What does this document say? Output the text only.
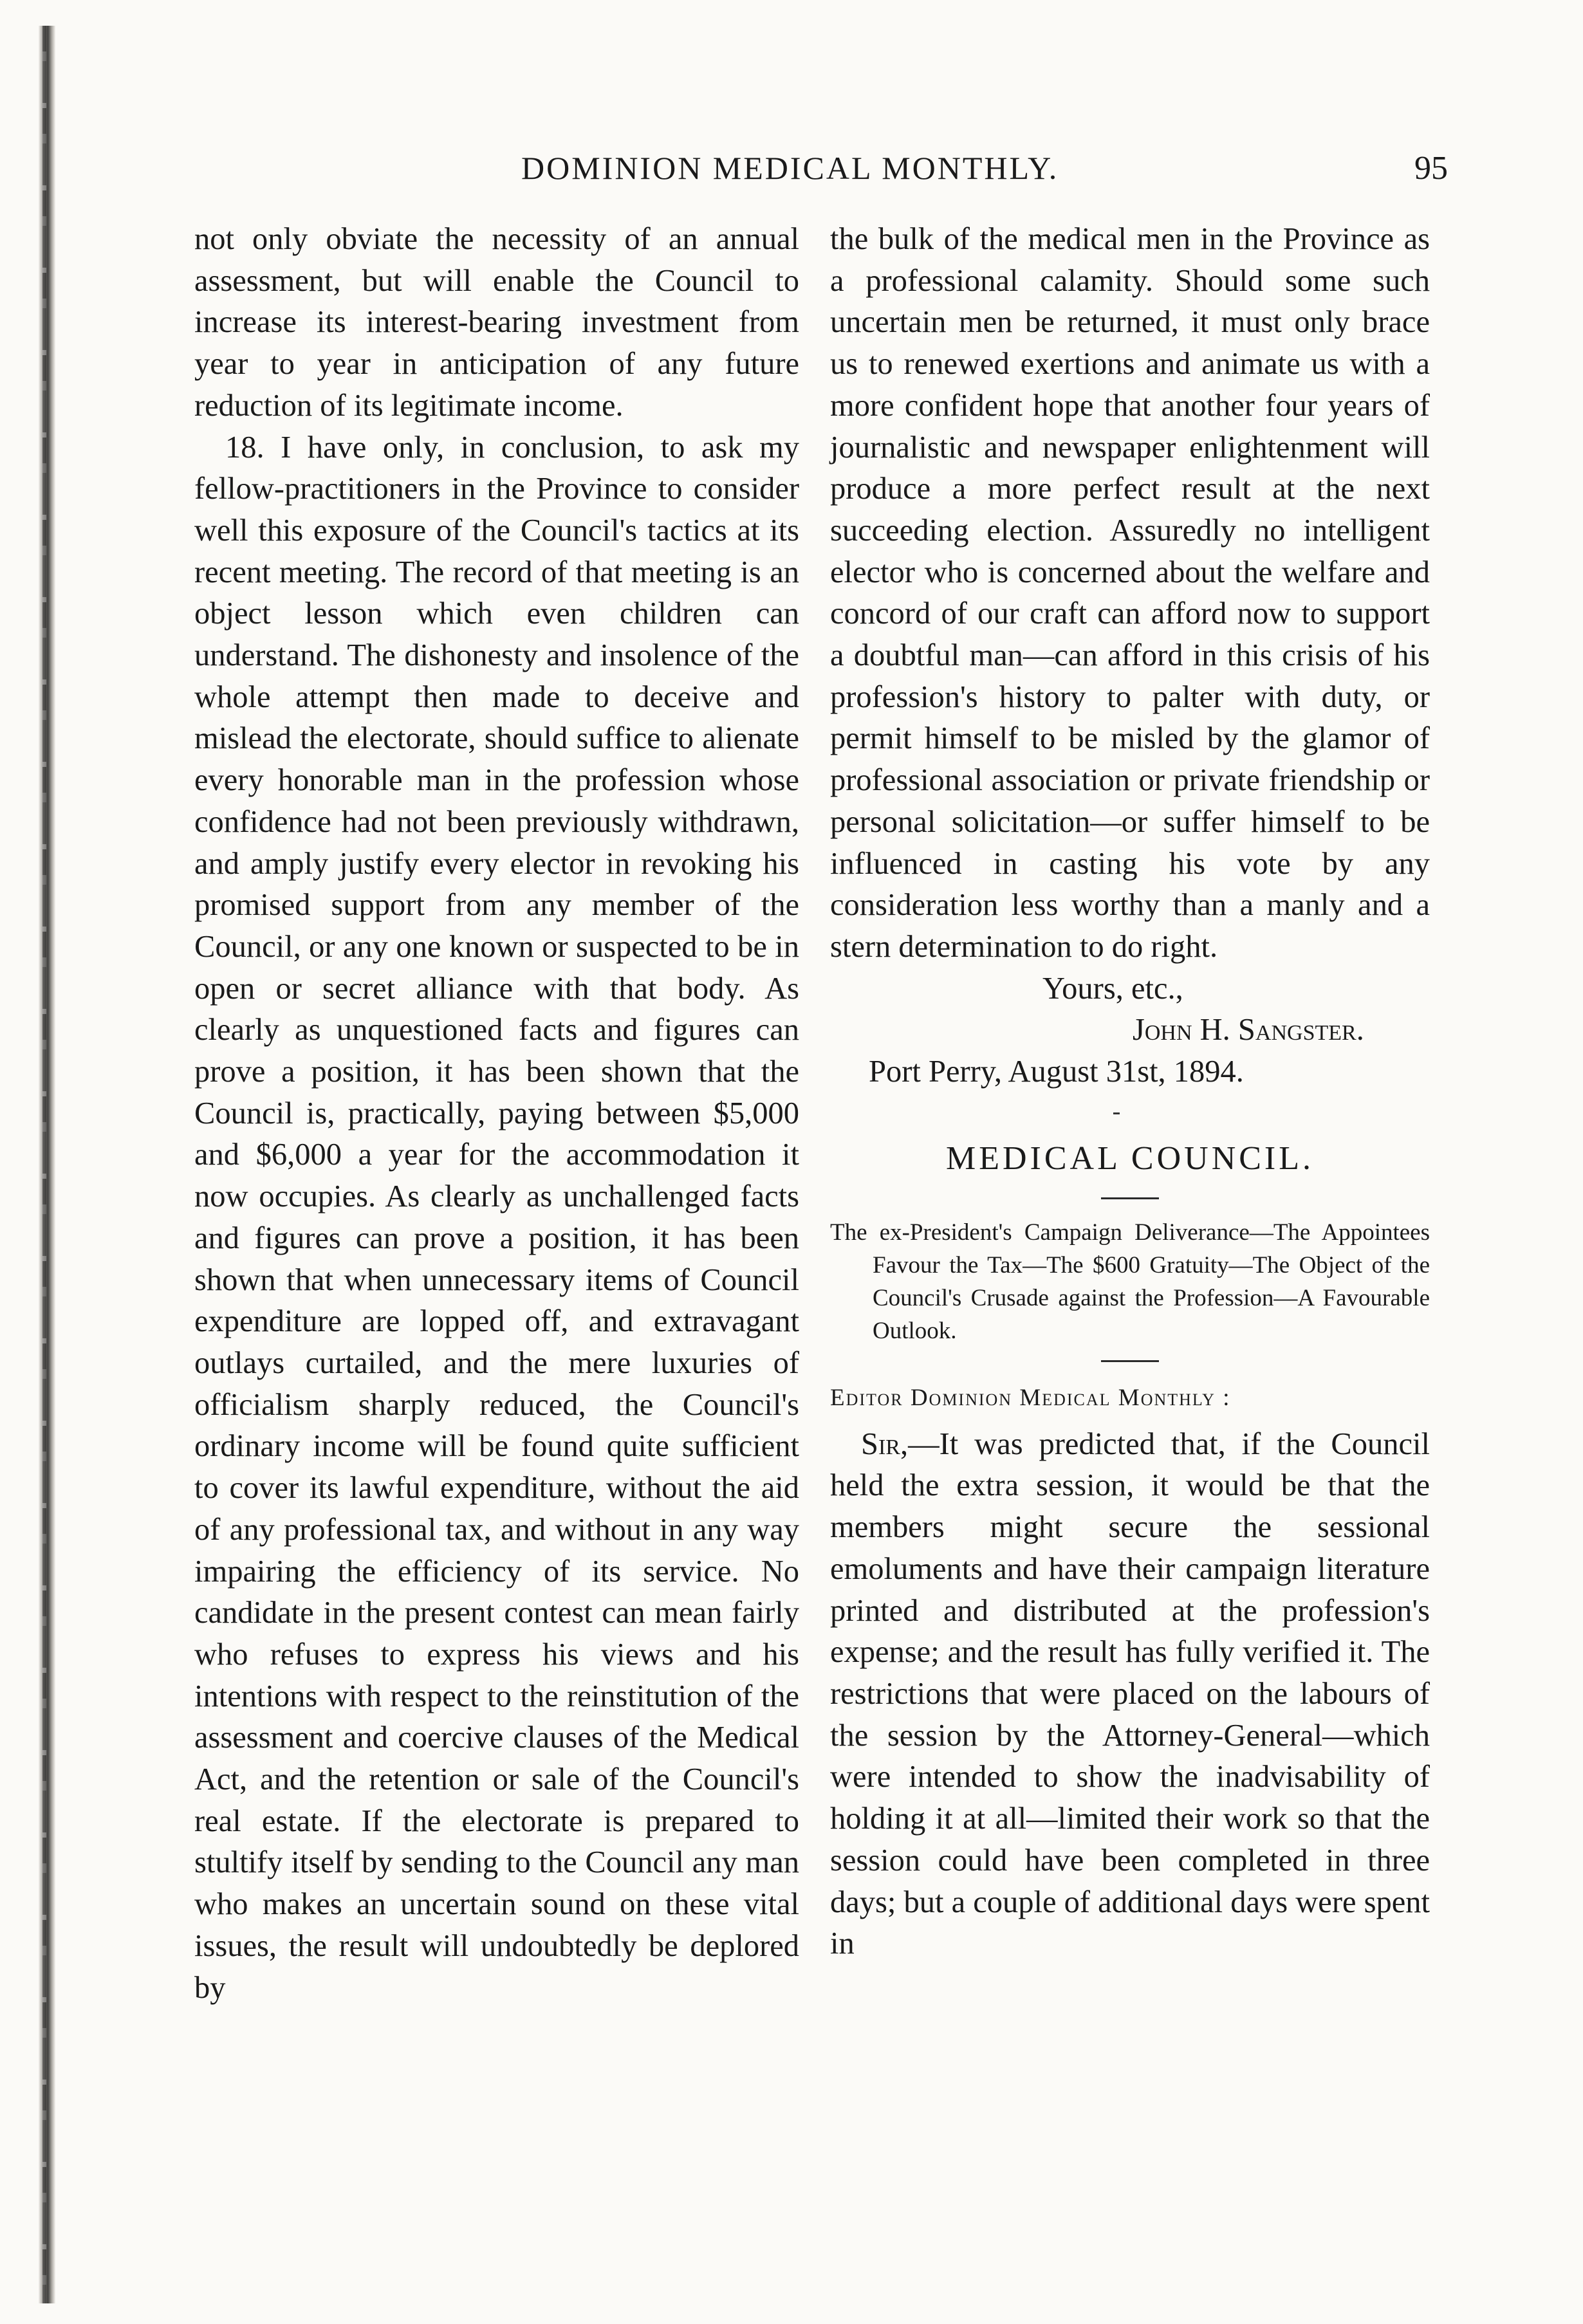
DOMINION MEDICAL MONTHLY.	95

not only obviate the necessity of an annual assessment, but will enable the Council to increase its interest-bearing investment from year to year in anticipation of any future reduction of its legitimate income.

18. I have only, in conclusion, to ask my fellow-practitioners in the Province to consider well this exposure of the Council's tactics at its recent meeting. The record of that meeting is an object lesson which even children can understand. The dishonesty and insolence of the whole attempt then made to deceive and mislead the electorate, should suffice to alienate every honorable man in the profession whose confidence had not been previously withdrawn, and amply justify every elector in revoking his promised support from any member of the Council, or any one known or suspected to be in open or secret alliance with that body. As clearly as unquestioned facts and figures can prove a position, it has been shown that the Council is, practically, paying between $5,000 and $6,000 a year for the accommodation it now occupies. As clearly as unchallenged facts and figures can prove a position, it has been shown that when unnecessary items of Council expenditure are lopped off, and extravagant outlays curtailed, and the mere luxuries of officialism sharply reduced, the Council's ordinary income will be found quite sufficient to cover its lawful expenditure, without the aid of any professional tax, and without in any way impairing the efficiency of its service. No candidate in the present contest can mean fairly who refuses to express his views and his intentions with respect to the reinstitution of the assessment and coercive clauses of the Medical Act, and the retention or sale of the Council's real estate. If the electorate is prepared to stultify itself by sending to the Council any man who makes an uncertain sound on these vital issues, the result will undoubtedly be deplored by

the bulk of the medical men in the Province as a professional calamity. Should some such uncertain men be returned, it must only brace us to renewed exertions and animate us with a more confident hope that another four years of journalistic and newspaper enlightenment will produce a more perfect result at the next succeeding election. Assuredly no intelligent elector who is concerned about the welfare and concord of our craft can afford now to support a doubtful man—can afford in this crisis of his profession's history to palter with duty, or permit himself to be misled by the glamor of professional association or private friendship or personal solicitation—or suffer himself to be influenced in casting his vote by any consideration less worthy than a manly and a stern determination to do right.

Yours, etc.,

John H. Sangster.

Port Perry, August 31st, 1894.

MEDICAL COUNCIL.

The ex-President's Campaign Deliverance—The Appointees Favour the Tax—The $600 Gratuity—The Object of the Council's Crusade against the Profession—A Favourable Outlook.

Editor Dominion Medical Monthly :

Sir,—It was predicted that, if the Council held the extra session, it would be that the members might secure the sessional emoluments and have their campaign literature printed and distributed at the profession's expense; and the result has fully verified it. The restrictions that were placed on the labours of the session by the Attorney-General—which were intended to show the inadvisability of holding it at all—limited their work so that the session could have been completed in three days; but a couple of additional days were spent in
